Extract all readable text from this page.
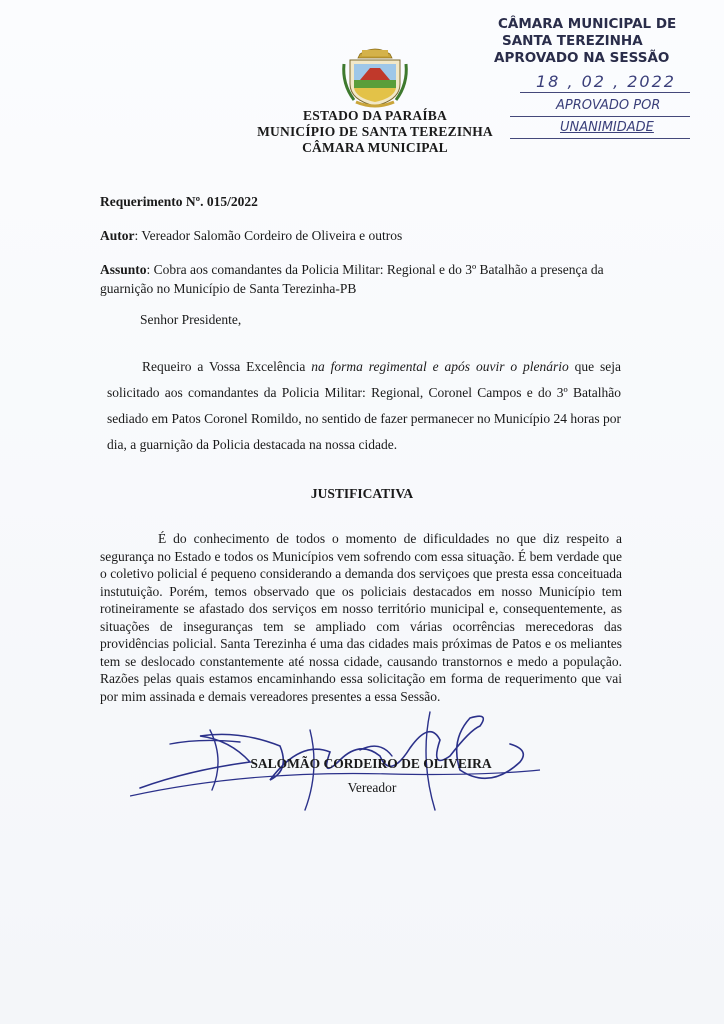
ESTADO DA PARAÍBA
MUNICÍPIO DE SANTA TEREZINHA
CÂMARA MUNICIPAL
CÂMARA MUNICIPAL DE
SANTA TEREZINHA
APROVADO NA SESSÃO
18 , 02 , 2022
APROVADO POR
UNANIMIDADE
Requerimento Nº. 015/2022
Autor: Vereador Salomão Cordeiro de Oliveira e outros
Assunto: Cobra aos comandantes da Policia Militar: Regional e do 3º Batalhão a presença da guarnição no Município de Santa Terezinha-PB
Senhor Presidente,
Requeiro a Vossa Excelência na forma regimental e após ouvir o plenário que seja solicitado aos comandantes da Policia Militar: Regional, Coronel Campos e do 3º Batalhão sediado em Patos Coronel Romildo, no sentido de fazer permanecer no Município 24 horas por dia, a guarnição da Policia destacada na nossa cidade.
JUSTIFICATIVA
É do conhecimento de todos o momento de dificuldades no que diz respeito a segurança no Estado e todos os Municípios vem sofrendo com essa situação. É bem verdade que o coletivo policial é pequeno considerando a demanda dos serviçoes que presta essa conceituada instutuição. Porém, temos observado que os policiais destacados em nosso Município tem rotineiramente se afastado dos serviços em nosso território municipal e, consequentemente, as situações de inseguranças tem se ampliado com várias ocorrências merecedoras das providências policial. Santa Terezinha é uma das cidades mais próximas de Patos e os meliantes tem se deslocado constantemente até nossa cidade, causando transtornos e medo a população. Razões pelas quais estamos encaminhando essa solicitação em forma de requerimento que vai por mim assinada e demais vereadores presentes a essa Sessão.
SALOMÃO CORDEIRO DE OLIVEIRA
Vereador
